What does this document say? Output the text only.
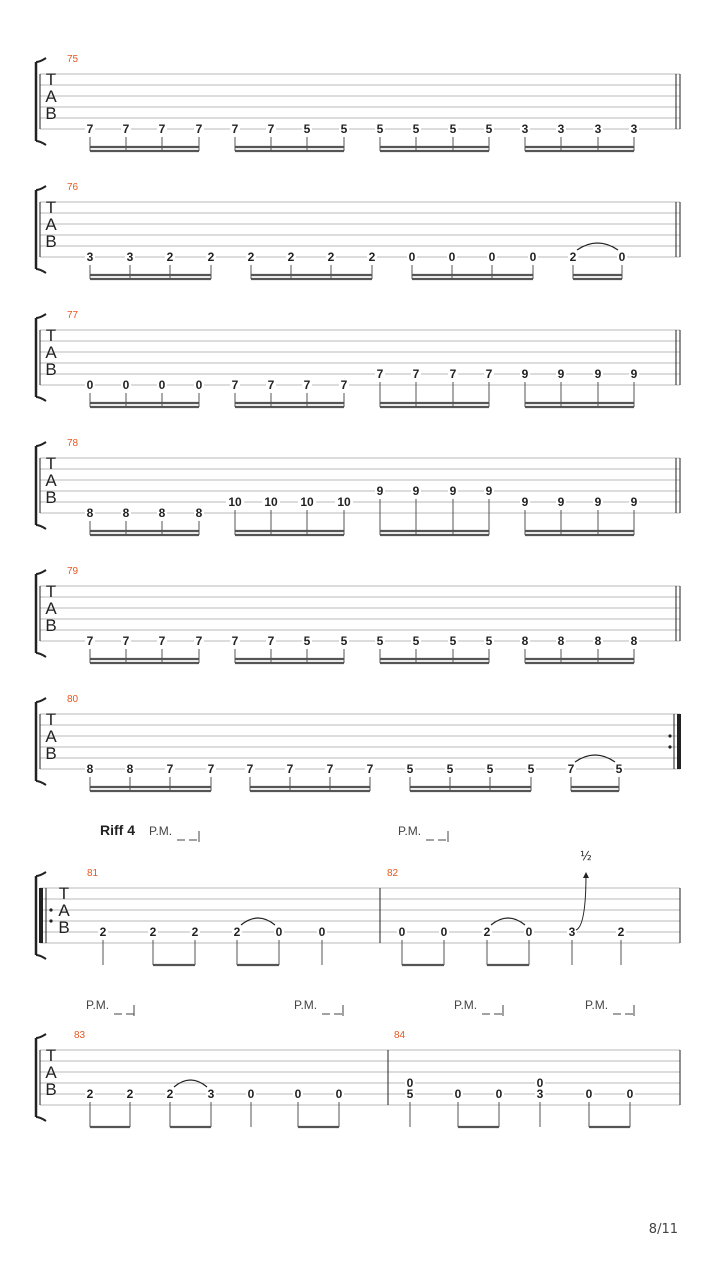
Riff 4 P.M.	P.M.
P.M.	P.M.	P.M.	P.M.
T
A
B
75
7 7 7	7 7 7 5	5 5 5	5 5 3 3	3 3
T
A
B
76
3	3	2	2	2	2	2	2	0	0	0	0	2	0
T
A
B
77
0 0 0	0 7 7 7	7
7 7	7 7 9 9	9 9
T
A
B
78
8 8 8	8
10 10 10 10
9 9	9 9
9 9	9 9
T
A
B
79
7 7 7	7 7 7 5	5 5 5	5 5 8 8	8 8
T
A
B
80
8	8	7	7	7	7	7	7	5	5	5	5	7	5
T
A
B
81
2	2	2	2	0	0
82
0	0	2	0	3
½
2
T
A
B
83
2	2	2	3	0	0	0
84
5
0
0	0	3
0
0	0
8/11
